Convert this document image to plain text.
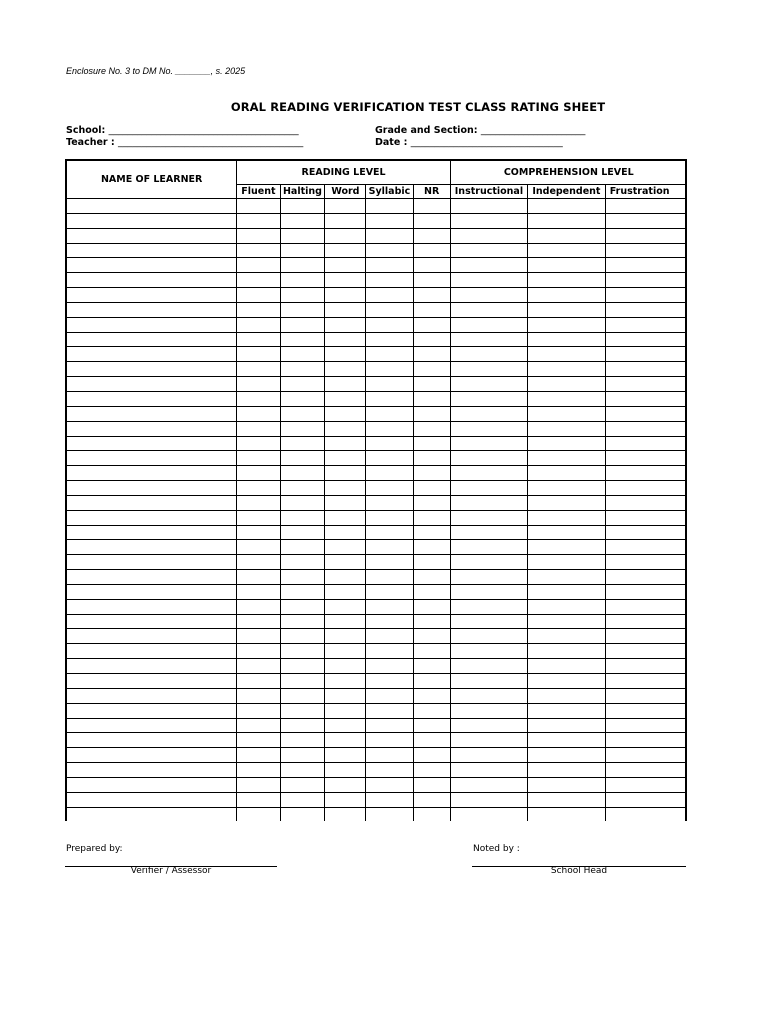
Enclosure No. 3 to DM No. _______, s. 2025
ORAL READING VERIFICATION TEST CLASS RATING SHEET
School: ________________________________________	Grade and Section: ______________________
Teacher : _______________________________________	Date : ________________________________
NAME OF LEARNER	READING LEVEL					COMPREHENSION LEVEL		
	Fluent	Halting	Word	Syllabic	NR	Instructional	Independent	Frustration

Prepared by:
Verifier / Assessor
Noted by :
School Head
